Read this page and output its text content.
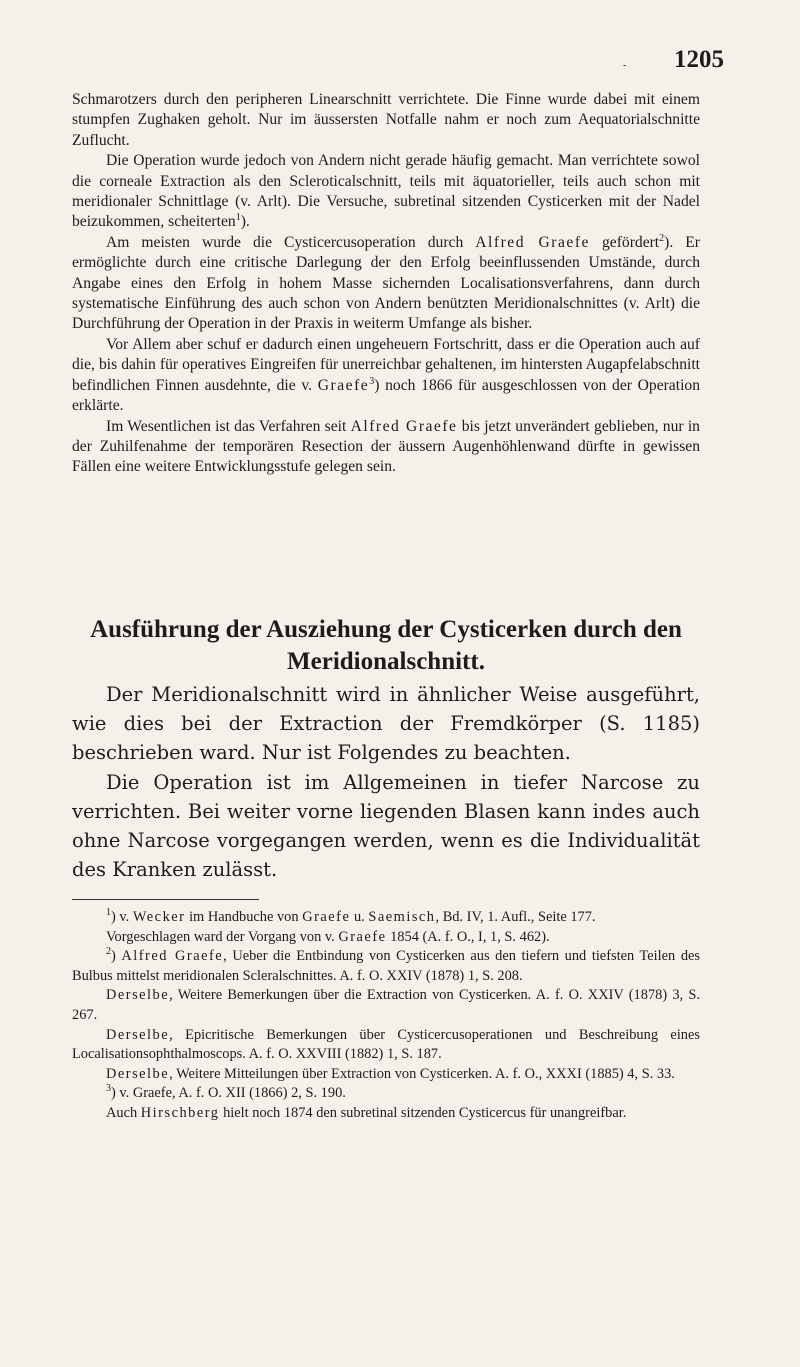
- 1205

Schmarotzers durch den peripheren Linearschnitt verrichtete. Die Finne wurde dabei mit einem stumpfen Zughaken geholt. Nur im äussersten Notfalle nahm er noch zum Aequatorialschnitte Zuflucht.

Die Operation wurde jedoch von Andern nicht gerade häufig gemacht. Man verrichtete sowol die corneale Extraction als den Scleroticalschnitt, teils mit äquatorieller, teils auch schon mit meridionaler Schnittlage (v. Arlt). Die Versuche, subretinal sitzenden Cysticerken mit der Nadel beizukommen, scheiterten$^1$).

Am meisten wurde die Cysticercusoperation durch Alfred Graefe gefördert$^2$). Er ermöglichte durch eine critische Darlegung der den Erfolg beeinflussenden Umstände, durch Angabe eines den Erfolg in hohem Masse sichernden Localisationsverfahrens, dann durch systematische Einführung des auch schon von Andern benützten Meridionalschnittes (v. Arlt) die Durchführung der Operation in der Praxis in weiterm Umfange als bisher.

Vor Allem aber schuf er dadurch einen ungeheuern Fortschritt, dass er die Operation auch auf die, bis dahin für operatives Eingreifen für unerreichbar gehaltenen, im hintersten Augapfelabschnitt befindlichen Finnen ausdehnte, die v. Graefe$^3$) noch 1866 für ausgeschlossen von der Operation erklärte.

Im Wesentlichen ist das Verfahren seit Alfred Graefe bis jetzt unverändert geblieben, nur in der Zuhilfenahme der temporären Resection der äussern Augenhöhlenwand dürfte in gewissen Fällen eine weitere Entwicklungsstufe gelegen sein.

Ausführung der Ausziehung der Cysticerken durch den
Meridionalschnitt.

Der Meridionalschnitt wird in ähnlicher Weise ausgeführt, wie dies bei der Extraction der Fremdkörper (S. 1185) beschrieben ward. Nur ist Folgendes zu beachten.

Die Operation ist im Allgemeinen in tiefer Narcose zu verrichten. Bei weiter vorne liegenden Blasen kann indes auch ohne Narcose vorgegangen werden, wenn es die Individualität des Kranken zulässt.

$^1$) v. Wecker im Handbuche von Graefe u. Saemisch, Bd. IV, 1. Aufl., Seite 177.

Vorgeschlagen ward der Vorgang von v. Graefe 1854 (A. f. O., I, 1, S. 462).

$^2$) Alfred Graefe, Ueber die Entbindung von Cysticerken aus den tiefern und tiefsten Teilen des Bulbus mittelst meridionalen Scleralschnittes. A. f. O. XXIV (1878) 1, S. 208.

Derselbe, Weitere Bemerkungen über die Extraction von Cysticerken. A. f. O. XXIV (1878) 3, S. 267.

Derselbe, Epicritische Bemerkungen über Cysticercusoperationen und Beschreibung eines Localisationsophthalmoscops. A. f. O. XXVIII (1882) 1, S. 187.

Derselbe, Weitere Mitteilungen über Extraction von Cysticerken. A. f. O., XXXI (1885) 4, S. 33.

$^3$) v. Graefe, A. f. O. XII (1866) 2, S. 190.

Auch Hirschberg hielt noch 1874 den subretinal sitzenden Cysticercus für unangreifbar.
